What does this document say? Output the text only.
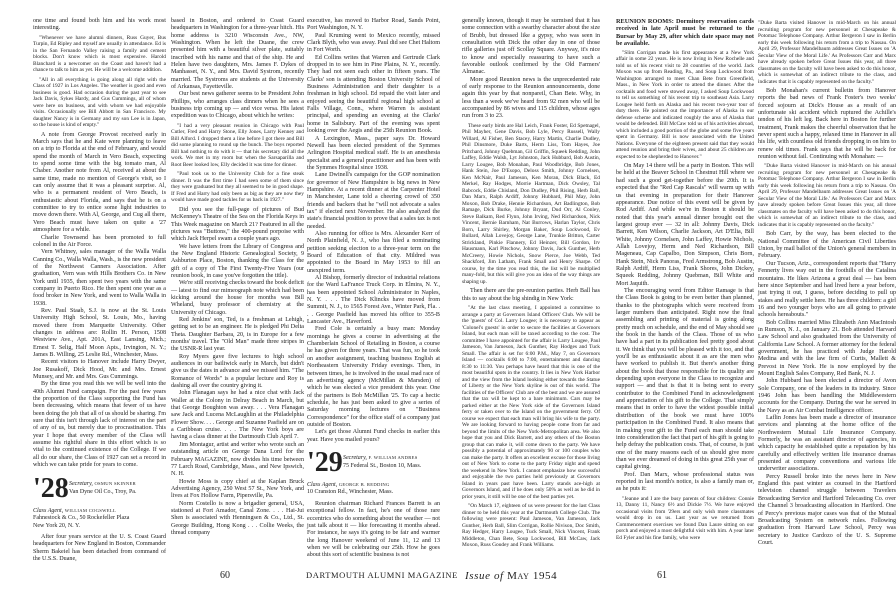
one time and found both him and his work most interesting.

"Whenever we have alumni dinners, Russ Guyer, Bus Turpin, Ed Ripley and myself are usually in attendance. Ed is in the San Fernando Valley raising a family and cement blocks. Don't know which is most expensive. Harold Blanchard is a newcomer on the Coast and haven't had a chance to talk to him as yet. He will be a welcome addition.

"All in all everything is going along all right with the Class of 1927 in Los Angeles. The weather is good and even business is good. Had occasion during the past year to see Jack Davis, Sykes Hardy, and Gus Cummings, all of whom were here on business, and with whom we had enjoyable visits. Occasionally see Bill Abbott in San Francisco. My daughter Nancy is in Germany and my son Lee is in Japan, so the house is kind of empty."

A note from George Provost received early in March says that he and Kate were planning to leave on a trip to Florida at the end of February, and would spend the month of March in Vero Beach, expecting to spend some time with the big tomato man, Al Chaber. Another note from Al, received at about the same time, made no mention of George's visit, so I can only assume that it was a pleasant surprise. Al, who is a permanent resident of Vero Beach, is enthusiastic about Florida, and says that he is on a committee to try to entice some light industries to move down there. With Al, George, and Cug all there, Vero Beach must have taken on quite a '27 atmosphere for a while.

Charlie Townsend has been promoted to full colonel in the Air Force.

Vern Whitney, sales manager of the Walla Walla Canning Co., Walla Walla, Wash., is the new president of the Northwest Canners Association. After graduation, Vern was with Hills Brothers Co. in New York until 1935, then spent two years with the same company in Puerto Rico. He then spent one year as a food broker in New York, and went to Walla Walla in 1938.

Rev. Paul Staab, S.J. is now at the St. Louis University High School, St. Louis, Mo., having moved there from Marquette University. Other changes in address are: Rollin H. Person, 1508 Westview Ave., Apt. 201A, East Lansing, Mich.; Ernest T. Selig, Half Moon Apts., Irvington, N. Y.; James B. Willing, 25 Leslie Rd., Winchester, Mass.

Recent visitors to Hanover include Harry Dwyer, Joe Rusakoff, Dick Hood, Mr. and Mrs. Ernest Munsey, and Mr. and Mrs. Gus Cummings.

By the time you read this we will be well into the 40th Alumni Fund campaign. For the past few years the proportion of the Class supporting the Fund has been decreasing, which means that fewer of us have been doing the job that all of us should be sharing. I'm sure that this isn't through lack of interest on the part of any of us, but merely due to procrastination. This year I hope that every member of the Class will assume his rightful share in this effort which is so vital to the continued existence of the College. If we all do our share, the Class of 1927 can set a record in which we can take pride for years to come.

'28 Secretary, OSMUN SKINNER
Van Dyne Oil Co., Troy, Pa.
Class Agent, WILLIAM COGSWELL
Fahnestock & Co., 50 Rockefeller Plaza
New York 20, N. Y.

After four years service at the U. S. Coast Guard headquarters for New England in Boston, Commander Sherm Bakeiel has been detached from command of the U.S.S. Duane,

based in Boston, and ordered to Coast Guard headquarters in Washington for a three-year hitch. His home address is 3210 Wisconsin Ave., NW, Washington. When he left the Duane, the crew presented him with a beautiful silver plate, suitably inscribed with his name and that of the ship. He and Helen have two daughters, Mrs. James F. Dykes of Manhasset, N. Y., and Mrs. David Systrom, recently married. The Systroms are students at the University of Arkansas, Fayetteville.

Our best news gatherer seems to be President John Phillips, who arranges class dinners when he sees a business trip coming up — and vice versa. His latest expedition was to Chicago, about which he writes:

"I had a very pleasant reunion in Chicago with Paul Cutler, Fred and Harry Stone, Elly Jones, Larry Kenney and Bill Alford. I dropped them a line before I got there and Bill did some planning to round up the bunch. The boys reported Bill had nothing to do with it — that his secretary did all the work. We met in my room but when the Sarsaparilla and Root Beer looked low, Elly decided it was time for dinner.

"Paul took us to the University Club for a fine steak dinner. It was the first time I had seen some of them since they were graduated but they all seemed to be in good shape. If Fred and Harry had only been as big as they are now they would have made good tackles for us back in 1927."

Did you see the full-page of pictures of Bud McKenney's Theatre of the Sea on the Florida Keys in This Week magazine on March 21? Featured in all the pictures was "Buttons," the 400-pound porpoise with which Jack Herpel swam a couple years ago.

We have letters from the Library of Congress and the New England Historic Genealogical Society, 9 Ashburton Place, Boston, thanking the Class for the gift of a copy of The First Twenty-Five Years (our reunion book, in case you've forgotten the title).

We're still receiving checks toward the book deficit — latest to find our mimeograph note which had been kicking around the house for months was Bill Wheland, busy professor of chemistry at the University of Chicago.

Red Jenkins' son, Ted, is a freshman at Lehigh, getting set to be an engineer. He is pledged Phi Delta Theta. Daughter Barbara, 20, is in Europe for a few months' travel. The "Old Man" made three stripes in the USNR-R last year.

Roy Myers gave five lectures to high school audiences in our bailiwick early in March, but didn't give us the dates in advance and we missed him. "The Romance of Words" is a popular lecture and Roy is dashing all over the country giving it.

John Flanagan says he had a nice chat with Jack Waller at the Colony in Delray Beach in March, but that George Boughton was away. . . . Vera Flanagan saw Jack and Lucena McLaughlin at the Philadelphia Flower Show. . . . George and Suzanne Pasfield are on a Caribbean cruise. . . . The New York boys are having a class dinner at the Dartmouth Club April 7.

Jim Montagur, artist and writer who wrote such an outstanding article on George Dana Lord for the February MAGAZINE, now divides his time between 77 Larch Road, Cambridge, Mass., and New Ipswich, N. H.

Howie Moss is copy chief at the Kaplan Bruck Advertising Agency, 250 West 57 St., New York, and lives at Fox Hollow Farm, Pipersville, Pa.

Norm Costello is now a brigadier general, USA, stationed at Fort Amador, Canal Zone. . . . Hai-Jui Shen is associated with Henningsen & Co., Ltd., St. George Building, Hong Kong . . . Collie Weeks, the thread company

executive, has moved to Harbor Road, Sands Point, Port Washington, N. Y.

Paul Kruming went to Mexico recently, missed Clark Blyth, who was away. Paul did see Chet Haltom in Fort Worth.

Ed Collins writes that Warren and Gertrude Clark dropped in to see him in Pine Plains, N. Y., recently. They had not seen each other in fifteen years. The Clarks' son is attending Boston University School of Business Administration and their daughter is a freshman in high school. Ed repaid the visit later and enjoyed seeing the beautiful regional high school at Falls Village, Conn., where Warren is assistant principal, and spending an evening at the Clarks' home in Salisbury. Part of the evening was spent looking over the Aegis and the 25th Reunion Book.

A Lexington, Mass., paper says Dr. Howard Newell has been elected president of the Symmes Arlington Hospital medical staff. He is an anesthesia specialist and a general practitioner and has been with the Symmes Hospital since 1938.

Lane Dwinell's campaign for the GOP nomination for governor of New Hampshire is big news in New Hampshire. At a recent dinner at the Carpenter Hotel in Manchester, Lane told a cheering crowd of 350 friends and backers that he "will not advocate a sales tax" if elected next November. He also analyzed the state's financial position to prove that a sales tax is not needed.

Also running for office is Mrs. Alexander Kerr of North Plainfield, N. J., who has filed a nominating petition seeking election to a three-year term on the Board of Education of that city. Mildred was appointed to the Board in May 1953 to fill an unexpired term.

Al Bishop, formerly director of industrial relations for the Ward LaFrance Truck Corp. in Elmira, N. Y., has been appointed School Administrator in Naples, N. Y. . . . The Dick Klincks have moved from Summit, N. J., to 1565 Forest Ave., Winter Park, Fla. . . . George Pasfield has moved his office to 355-B Lancaster Ave., Haverford.

Fred Cole is certainly a busy man: Monday mornings he gives a course in advertising at the Chamberlain School of Retailing in Boston, a course he has given for three years. That was fun, so he took on another assignment, teaching business English at Northeastern University Friday evenings. Then, in between times, he is involved in the usual mad race of an advertising agency (McMillan & Marsden) of which he was elected a vice president this year. One of the partners is Bob McMillan '25. To cap a hectic schedule, he has just been asked to give a series of Saturday morning lectures on "Business Correspondence" for the office staff of a company just outside of Boston.

Let's get those Alumni Fund checks in earlier this year. Have you mailed yours?

'29 Secretary, F. WILLIAM ANDRES
75 Federal St., Boston 10, Mass.
Class Agent, GEORGE B. REDDING
10 Cranston Rd., Winchester, Mass.

Reunion chairman Richard Frances Barrett is an exceptional fellow. In fact, he's one of those rare eccentrics who do something about the weather — not just talk about it — like forecasting it months ahead. For instance, he says it's going to be fair and warmer the long Hanover weekend of June 11, 12 and 13 when we will be celebrating our 25th. How he goes about this sort of scientific business is not

generally known, though it may be surmised that it has some connection with a swarthy character about the size of Brubb, but dressed like a gypsy, who was seen in consultation with Dick the other day in one of those rifle galleries just off Scollay Square. Anyway, it's nice to know and especially reassuring to have such a favorable outlook confirmed by the Old Farmers' Almanac.

More good Reunion news is the unprecedented rate of early response to the Reunion announcements, done again this year by that nonpareil, Chan Bete. Why, in less than a week we've heard from 92 men who will be accompanied by 86 wives and 115 children, whose ages run from 3 to 23.

These early birds are Hal Leich, Frank Foster, Ed Spetnagel, Phil Mayher, Gene Davis, Bob Lyle, Percy Russell, Wally Willard, Al Fisher, Ben Stacey, Harry Martin, Charlie Dudley, Phil Dinsmore, Duke Barts, Herm Liss, Tom Hayes, Joe Pritchard, Johnny Quebman, Gil Griffin, Squeek Redding, John Laffey, Eddie Walsh, Lyt Johnston, Jack Hubbard, Bob Austin, Larry Lougee, Bob Monahan, Paul Woodbridge, Bob Jones, Hank Stein, Joe D'Esopo, Deloss Smith, Johnny Cornelsen, Ken McNair, Paul Jameson, Ken Moran, Dick Black, Ed Merkel, Ray Hodges, Morrie Hartman, Dick Owsley, Tal Babcock, Eddie Chisland, Don Dudley, Phil Rising, Herb Ball, Dan Marx, Ralph Ardiff, Johnny Hubbard, Phil May, John Moxon, Bob Drake, Hennie Richardson, Art Badlington, Bob Ramage, Dick Burke, Johnny Bryant, Dud Orr, Al Conley, Steve Balkam, Red Flynn, John Irving, Ned Richardson, Nick Vincent, Bernie Barnham, Nat Burrows, Harlan Taylor, Chris Born, Larry Shirley, Morgan Baker, Soup Lockwood, Ev Bullard, Allah Lovejoy, George Lane, Trunkie Britton, Carter Strickland, Pinkie Flannery, Ed Heinzer, Bill Gordon, Irv Hausmann, Karl Pitschow, Johnny Davis, Jack Gunther, Herb McCreery, Howie Nichols, Snow Pierce, Joe Webb, Ted Shackford, Jim Latham, Frank Small and Henry Sharpe. Of course, by the time you read this, the list will be multiplied many-fold, but this will give you an idea of the way things are shaping up.

Then there are the pre-reunion parties. Herb Ball has this to say about the big shindig in New York:

"At the last class meeting, I appointed a committee to arrange a party at Governors Island Officers' Club. We will be the 'guests' of Col. Larry Lougee; it is necessary to appear as 'Colonel's guests' in order to secure the facilities at Governors Island, but each man will be taxed according to the cost. The committee I have appointed for the affair is Larry Lougee, Paul Jameson, Van Jameson, Jack Gunther, Ray Hodges and Tuck Small. The affair is set for 6:00 P.M., May 7, on Governors Island — cocktails 6:00 to 7:00, entertainment and dancing 8:30 to 11:30. You perhaps have heard that this is one of the most beautiful spots in the country. It lies in New York Harbor and the view from the Island looking either towards the Statue of Liberty or the New York skyline is out of this world. The facilities of the Officers' Club are of the best and we are assured that the tax will be kept to a bare minimum. Cars may be parked either at the New York side of the Governors Island ferry or taken over to the Island on the government ferry. Of course we expect that each man will bring his wife to the party. We are looking forward to having people come from far and beyond the limits of the New York-Metropolitan area. We also hope that you and Dick Barrett, and any others of the Boston group that can make it, will come down to the party. We have possibly a potential of approximately 90 or 100 couples who can make the party. It offers an excellent excuse for those living out of New York to come to the party Friday night and spend the weekend in New York. I cannot emphasize how successful and enjoyable the two parties held previously at Governors Island in years past have been. Larry stands ace-high at Governors Island, and if he does only 50% as well as he did in prior years, it still will be one of the best parties yet.

"On March 17, eighteen of us were present for the last Class dinner to be held this year at the Dartmouth College Club. The following were present: Paul Jameson, Van Jameson, Jack Gunther, Herb Ball, Slim Corrigan, Rollie Nivison, Doc Smith, Ray Hedger, Harry Lougee, Tuck Small, Nick Vincent, Frank Middleton, Chan Bete, Soup Lockwood, Bill McCaw, Jack Moxon, Russ Goudey and Frank Williams.

REUNION ROOMS: Dormitory reservation cards received in late April must be returned to the Bursar by May 29, after which date space may not be available.

"Slim Corrigan made his first appearance at a New York affair in some 22 years. He is now living in New Rochelle and told us of his recent visit to 28 countries of the world. Jack Moxon was up from Reading, Pa., and Soup Lockwood from Washington arranged to meet Chan Bete from Greenfield, Mass., in New York in order to attend the dinner. After the cocktails and food were stowed away, I asked Soup Lockwood to tell us something of his recent trip to southeast Asia. Larry Lougee held forth on Alaska and his recent two-year tour of duty there. He pointed out the importance of Alaska in our defense scheme and indicated roughly the area of Alaska that would be defended. Bill McCaw told us of his activities abroad, which included a good portion of the globe and some five years spent in Germany. Bill is now associated with the United Nations. Everyone of the eighteen present said that they would attend reunion and bring their wives, and about 25 children are expected to be shepherded to Hanover."

On May 14 there will be a party in Boston. This will be held at the Beaver School in Chestnut Hill where we had such a good get-together before the 20th. It is expected that the "Red Cap Rascals" will warm up with us that evening in preparation for their Hanover appearance. Due notice of this event will be given by Rod Ardiff. And while we're in Boston it should be noted that this year's annual dinner brought out the largest group ever — 32 in all: Johnny Davis, Dick Barrett, Ken Wilson, Charlie Jackson, Art D'Elia, Bill White, Johnny Cornelsen, John Laffey, Howie Nichols, Allah Lovejoy, Herm and Ned Richardson, Bill Mageneau, Cap Capalbo, Don Simpson, Chris Born, Hank Stein, Nick Panoras, Fred Armstrong, Bob Austin, Ralph Ardiff, Herm Liss, Frank Shores, John Dickey, Squeek Redding, Johnny Quebman, Bill White and Mort Jaquith.

The encouraging word from Editor Ramage is that the Class Book is going to be even better than planned, thanks to the photographs which were received from larger numbers than anticipated. Right now the final assembling and printing of material is going along pretty much on schedule, and the end of May should see the book in the hands of the Class. Those of us who have had a part in its publication feel pretty good about it. We think that you will be pleased with it too, and that you'll be as enthusiastic about it as are the men who have worked to publish it. But there's another thing about the book that those responsible for its quality are depending upon everyone in the Class to recognize and support — and that is that it is being sent to every contributor to the Combined Fund in acknowledgment and appreciation of his gift to the College. That simply means that in order to have the widest possible initial distribution of the book we must have 100% participation in the Combined Fund. It also means that in making your gift to the Fund each man should take into consideration the fact that part of his gift is going to help defray the publication costs. That, of course, is just one of the many reasons each of us should give more than we ever dreamed of doing in this great 25th year of capital giving.

Prof. Dan Marx, whose professional status was reported in last month's notice, is also a family man or, as he puts it:

"Jeanne and I are the busy parents of four children: Connie 13, Danny 11, Nancy 6½ and Dickie 7½. We have enjoyed occasional visits from '29ers and only wish more classmates would drop in on us. Last year as we returned from Commencement exercises we found Dan Laure sitting on our porch and enjoyed a most delightful visit with him. A year later Ed Fyler and his fine family, who were

"Duke Barta visited Hanover in mid-March on his annual recruiting program for new personnel at Chesapeake & Potomac Telephone Company. Arthur Bergeron I saw in Berlin early this week following his return from a trip to Nassau. On April 29, Professor Mandelbaum addresses Great Issues on 'A Secular View of the Moral Life.' As Professors Carr and Marx have already spoken before Great Issues this year, all three classmates on the faculty will have been asked to do this honor, which is somewhat of an indirect tribute to the class, and indicates that it is capably represented on the faculty."

Bob Monahan's current bulletin from Hanover reports the bad news of Frank Foster's two weeks' forced sojourn at Dick's House as a result of an unfortunate ski accident which ruptured the Achille's tendon of his left leg. Back here in Boston for further treatment, Frank makes the cheerful observation that he never spent such a happy, relaxed time in Hanover in all his life, with countless old friends dropping in on him to renew old times. Frank says that he will be back for reunion without fail. Continuing with Monahan: —

"Duke Barta visited Hanover in mid-March on his annual recruiting program for new personnel at Chesapeake & Potomac Telephone Company. Arthur Bergeron I saw in Berlin early this week following his return from a trip to Nassau. On April 29, Professor Mandelbaum addresses Great Issues on 'A Secular View of the Moral Life.' As Professors Carr and Marx have already spoken before Great Issues this year, all three classmates on the faculty will have been asked to do this honor, which is somewhat of an indirect tribute to the class, and indicates that it is capably represented on the faculty."

Bob Carr, by the way, has been elected to the National Committee of the American Civil Liberties Union, by mail ballot of the Union's general members in February.

Our Tucson, Ariz., correspondent reports that "Harry Fennerty lives way out in the foothills of the Catalina mountains. He likes Arizona a great deal — has been here since September and had lived here a year before, just trying it out, I guess, before deciding to pull up stakes and really settle here. He has three children: a girl 16 and two younger boys who are all going to private schools hereabouts."

Bob Collins married Miss Elizabeth Ann MacIntosh in Rumson, N. J., on January 21. Bob attended Harvard Law School and also graduated from the University of California Law School. A former attorney for the federal government, he has practiced with Judge Harold Medina and with the law firm of Curtis, Mallett & Prevost in New York. He is now employed by the Mount English Sales Company, Red Bank, N. J.

John Hubbard has been elected a director of Avon Sole Company, one of the leaders in its industry. Since 1946 John has been handling the Middlewestern accounts for the Company. During the war he served in the Navy as an Air Combat Intelligence officer.

Laflin Jones has been made a director of insurance services and planning at the home office of the Northwestern Mutual Life Insurance Company. Formerly, he was an assistant director of agencies, in which capacity he established quite a reputation by his carefully and effectively written life insurance dramas presented at company conventions and various life underwriter associations.

Percy Russell broke into the news here in New England this past winter as counsel in the Hartford television channel struggle between Travelers Broadcasting Service and Hartford Telecasting Co. over the Channel 3 broadcasting allocation in Hartford. One of Percy's previous major cases was that of the Mutual Broadcasting System on network rules. Following graduation from Harvard Law School, Percy was secretary to Justice Cardozo of the U. S. Supreme Court.

60	DARTMOUTH ALUMNI MAGAZINE Issue of May 1954	61
